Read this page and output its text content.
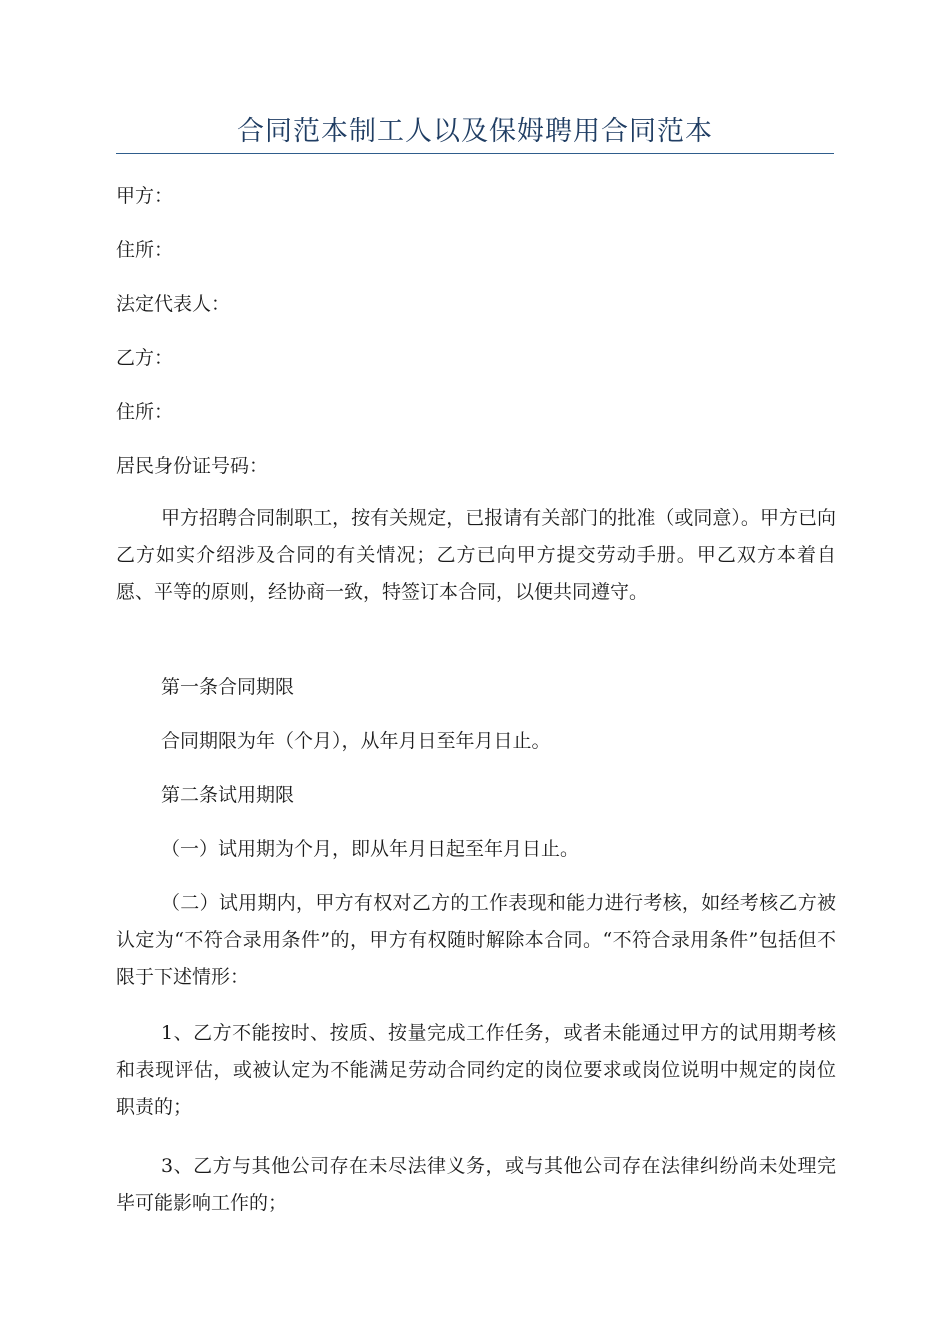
合同范本制工人以及保姆聘用合同范本
甲方：
住所：
法定代表人：
乙方：
住所：
居民身份证号码：

甲方招聘合同制职工，按有关规定，已报请有关部门的批准（或同意）。甲方已向乙方如实介绍涉及合同的有关情况；乙方已向甲方提交劳动手册。甲乙双方本着自愿、平等的原则，经协商一致，特签订本合同，以便共同遵守。

第一条合同期限

合同期限为年（个月），从年月日至年月日止。

第二条试用期限

（一）试用期为个月，即从年月日起至年月日止。

（二）试用期内，甲方有权对乙方的工作表现和能力进行考核，如经考核乙方被认定为“不符合录用条件”的，甲方有权随时解除本合同。“不符合录用条件”包括但不限于下述情形：

1、乙方不能按时、按质、按量完成工作任务，或者未能通过甲方的试用期考核和表现评估，或被认定为不能满足劳动合同约定的岗位要求或岗位说明中规定的岗位职责的；

3、乙方与其他公司存在未尽法律义务，或与其他公司存在法律纠纷尚未处理完毕可能影响工作的；
